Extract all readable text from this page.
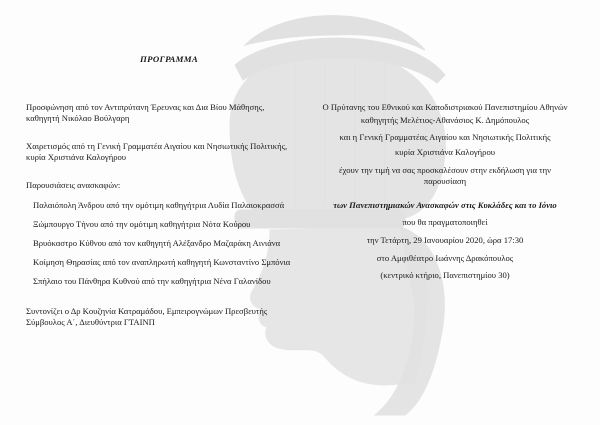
ΠΡΟΓΡΑΜΜΑ
Προσφώνηση από τον Αντιπρύτανη Έρευνας και Δια Βίου Μάθησης,
καθηγητή Νικόλαο Βούλγαρη
Χαιρετισμός από τη Γενική Γραμματέα Αιγαίου και Νησιωτικής Πολιτικής,
κυρία Χριστιάνα Καλογήρου
Παρουσιάσεις ανασκαφών:
Παλαιόπολη Άνδρου από την ομότιμη καθηγήτρια Λυδία Παλαιοκρασσά
Ξώμπουργο Τήνου από την ομότιμη καθηγήτρια Νότα Κούρου
Βρυόκαστρο Κύθνου από τον καθηγητή Αλέξανδρο Μαζαράκη Αινιάνα
Κοίμηση Θηρασίας από τον αναπληρωτή καθηγητή Κωνσταντίνο Σμπόνια
Σπήλαιο του Πάνθηρα Κυθνού από την καθηγήτρια Νένα Γαλανίδου
Συντονίζει ο Δρ Κουζηνία Κατραμάδου, Εμπειρογνώμων Πρεσβευτής
Σύμβουλος Α΄, Διευθύντρια ΓΤΑΙΝΠ
Ο Πρύτανης του Εθνικού και Καποδιστριακού Πανεπιστημίου Αθηνών
καθηγητής Μελέτιος-Αθανάσιος Κ. Δημόπουλος
και η Γενική Γραμματέας Αιγαίου και Νησιωτικής Πολιτικής
κυρία Χριστιάνα Καλογήρου
έχουν την τιμή να σας προσκαλέσουν στην εκδήλωση για την
παρουσίαση
των Πανεπιστημιακών Ανασκαφών στις Κυκλάδες και το Ιόνιο
που θα πραγματοποιηθεί
την Τετάρτη, 29 Ιανουαρίου 2020, ώρα 17:30
στο Αμφιθέατρο Ιωάννης Δρακόπουλος
(κεντρικό κτήριο, Πανεπιστημίου 30)
